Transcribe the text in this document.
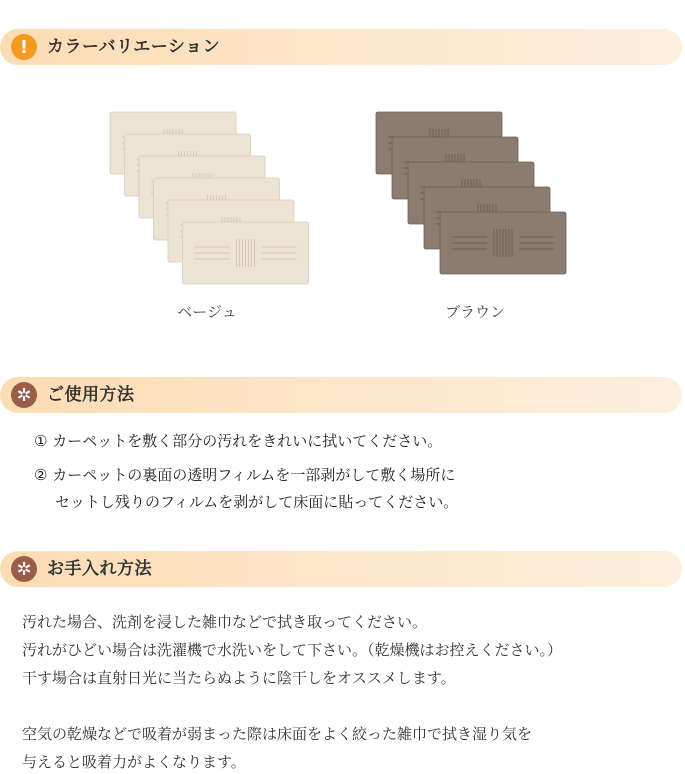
!	カラーバリエーション
ベージュ	ブラウン
✲ ご使用方法
① カーペットを敷く部分の汚れをきれいに拭いてください。
② カーペットの裏面の透明フィルムを一部剥がして敷く場所に
セットし残りのフィルムを剥がして床面に貼ってください。
✲ お手入れ方法
汚れた場合、洗剤を浸した雑巾などで拭き取ってください。
汚れがひどい場合は洗濯機で水洗いをして下さい。（乾燥機はお控えください。）
干す場合は直射日光に当たらぬように陰干しをオススメします。
空気の乾燥などで吸着が弱まった際は床面をよく絞った雑巾で拭き湿り気を
与えると吸着力がよくなります。
